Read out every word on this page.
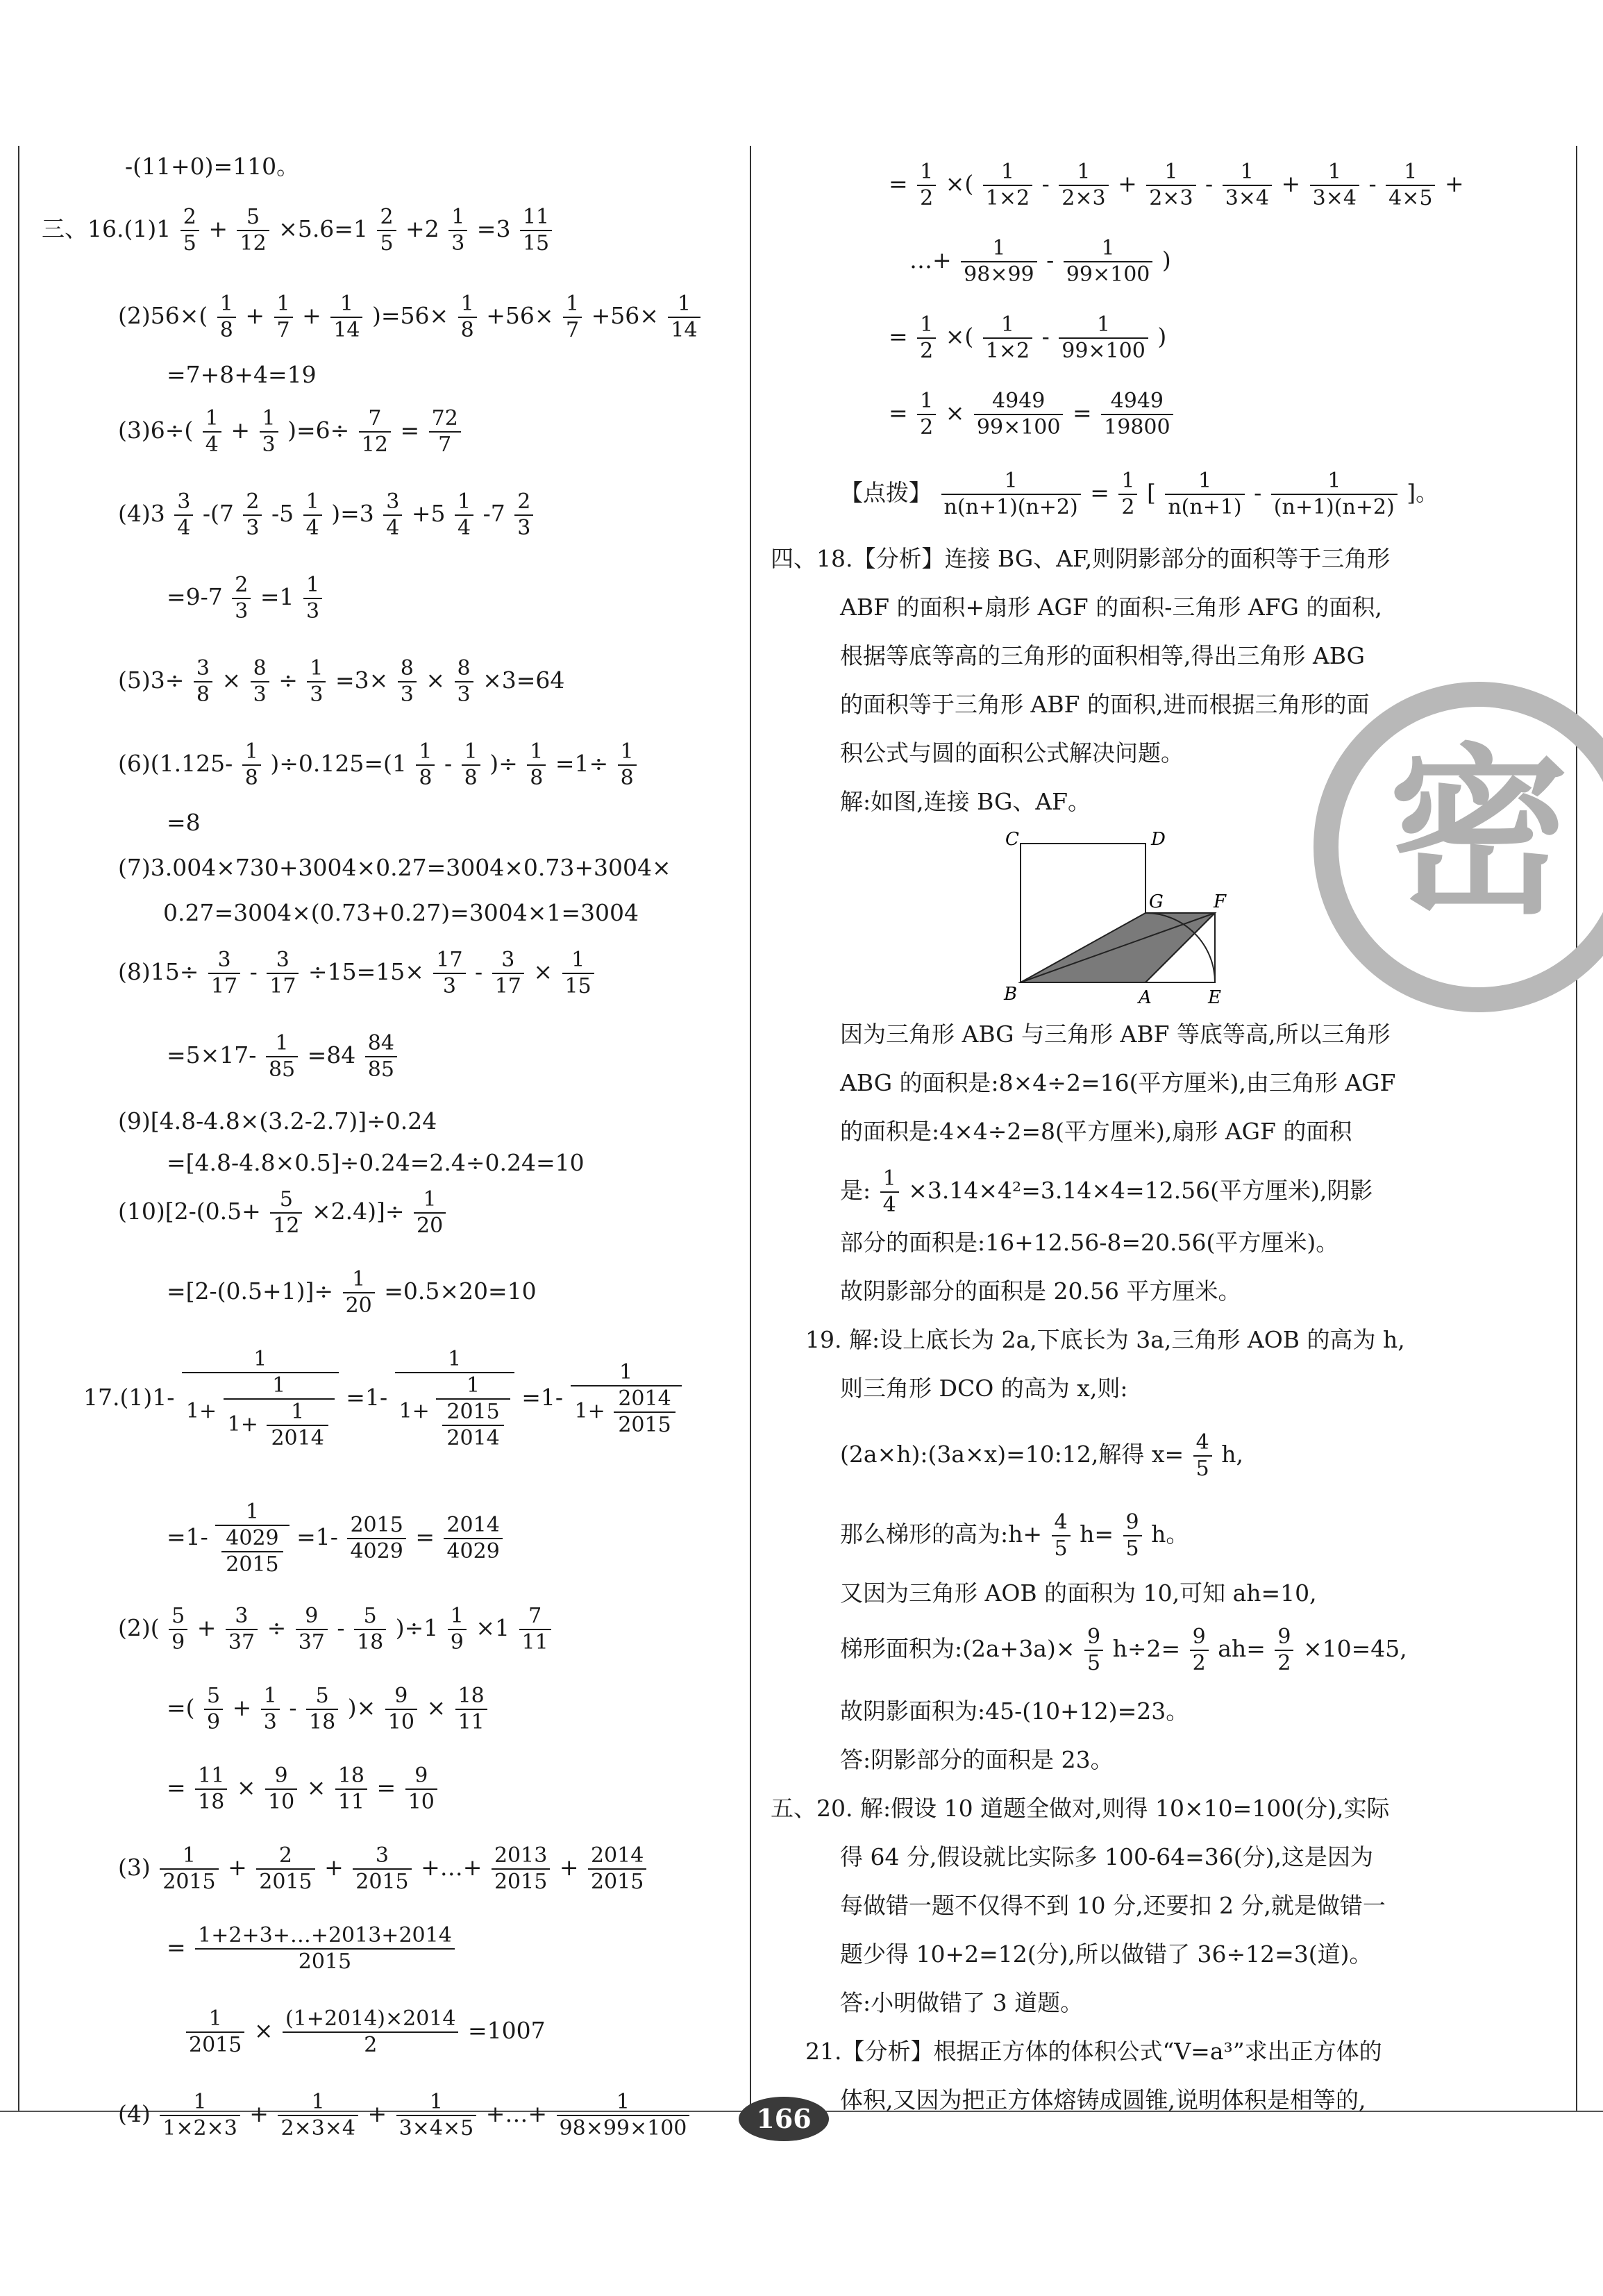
密
-(11+0)=110。
三、$16.(1)1 \frac{2}{5} + \frac{5}{12} \times 5.6=1 \frac{2}{5} +2 \frac{1}{3} =3 \frac{11}{15}$
$(2)56\times( \frac{1}{8} + \frac{1}{7} + \frac{1}{14} )=56\times \frac{1}{8} +56\times \frac{1}{7} +56\times \frac{1}{14}$
=7+8+4=19
$(3)6\div( \frac{1}{4} + \frac{1}{3} )=6\div \frac{7}{12} = \frac{72}{7}$
$(4)3 \frac{3}{4} -(7 \frac{2}{3} -5 \frac{1}{4} )=3 \frac{3}{4} +5 \frac{1}{4} -7 \frac{2}{3}$
$=9-7 \frac{2}{3} =1 \frac{1}{3}$
$(5)3\div \frac{3}{8} \times \frac{8}{3} \div \frac{1}{3} =3\times \frac{8}{3} \times \frac{8}{3} \times 3=64$
$(6)(1.125- \frac{1}{8} )\div 0.125=(1 \frac{1}{8} - \frac{1}{8}$ )÷ $\frac{1}{8} =1\div \frac{1}{8}$
=8
(7)3.004×730+3004×0.27=3004×0.73+3004×
0.27=3004×(0.73+0.27)=3004×1=3004
$(8)15\div \frac{3}{17} - \frac{3}{17} \div 15=15\times \frac{17}{3} - \frac{3}{17} \times \frac{1}{15}$
$=5\times 17- \frac{1}{85} =84 \frac{84}{85}$
(9)[4.8-4.8×(3.2-2.7)]÷0.24
=[4.8-4.8×0.5]÷0.24=2.4÷0.24=10
$(10)[2-(0.5+ \frac{5}{12} \times 2.4)]\div \frac{1}{20}$
$=[2-(0.5+1)]\div \frac{1}{20} =0.5\times 20=10$
17.(1)1-
1
$1+ \frac{1}{1+ \frac{1}{2014}} =1- \frac{1}{1+ \frac{1}{\frac{2015}{2014}}} =1- \frac{1}{1+ \frac{2014}{2015}}$
$=1- \frac{1}{\frac{4029}{2015}} =1- \frac{2015}{4029} = \frac{2014}{4029}$
$(2)( \frac{5}{9} + \frac{3}{37} \div \frac{9}{37} - \frac{5}{18} )\div 1 \frac{1}{9} \times 1 \frac{7}{11}$
=( $\frac{5}{9} + \frac{1}{3} - \frac{5}{18}$ )× $\frac{9}{10} \times \frac{18}{11}$
= $\frac{11}{18} \times \frac{9}{10} \times \frac{18}{11} = \frac{9}{10}$
$(3) \frac{1}{2015} + \frac{2}{2015} + \frac{3}{2015}$ +…+ $\frac{2013}{2015} + \frac{2014}{2015}$
= $\frac{1+2+3+\dots+2013+2014}{2015}$
$\frac{1}{2015} \times \frac{(1+2014)\times 2014}{2} =1007$
$(4) \frac{1}{1\times 2\times 3} + \frac{1}{2\times 3\times 4} + \frac{1}{3\times 4\times 5}$ +…+ $\frac{1}{98\times 99\times 100}$
= $\frac{1}{2}$ ×( $\frac{1}{1\times 2} - \frac{1}{2\times 3} + \frac{1}{2\times 3} - \frac{1}{3\times 4} + \frac{1}{3\times 4} - \frac{1}{4\times 5}$ +
…+ $\frac{1}{98\times 99} - \frac{1}{99\times 100}$ )
= $\frac{1}{2}$ ×( $\frac{1}{1\times 2} - \frac{1}{99\times 100}$ )
= $\frac{1}{2} \times \frac{4949}{99\times 100} = \frac{4949}{19800}$
【点拨】 $\frac{1}{n(n+1)(n+2)} = \frac{1}{2}$ [ $\frac{1}{n(n+1)} - \frac{1}{(n+1)(n+2)}$ ]。
四、18.【分析】连接 BG、AF,则阴影部分的面积等于三角形
ABF 的面积+扇形 AGF 的面积-三角形 AFG 的面积,
根据等底等高的三角形的面积相等,得出三角形 ABG
的面积等于三角形 ABF 的面积,进而根据三角形的面
积公式与圆的面积公式解决问题。
解:如图,连接 BG、AF。
C	D
G	F
B	A	E
因为三角形 ABG 与三角形 ABF 等底等高,所以三角形
ABG 的面积是:8×4÷2=16(平方厘米),由三角形 AGF
的面积是:4×4÷2=8(平方厘米),扇形 AGF 的面积
是: $\frac{1}{4} \times 3.14\times 4^2=3.14\times 4=12.56$(平方厘米),阴影
部分的面积是:16+12.56-8=20.56(平方厘米)。
故阴影部分的面积是 20.56 平方厘米。
19. 解:设上底长为 2a,下底长为 3a,三角形 AOB 的高为 h,
则三角形 DCO 的高为 x,则:
(2a×h):(3a×x)=10:12,解得 $x= \frac{4}{5} h$,
那么梯形的高为:h+ $\frac{4}{5} h= \frac{9}{5}$ h。
又因为三角形 AOB 的面积为 10,可知 ah=10,
梯形面积为:(2a+3a)× $\frac{9}{5} h\div 2= \frac{9}{2} ah= \frac{9}{2} \times 10=45$,
故阴影面积为:45-(10+12)=23。
答:阴影部分的面积是 23。
五、20. 解:假设 10 道题全做对,则得 10×10=100(分),实际
得 64 分,假设就比实际多 100-64=36(分),这是因为
每做错一题不仅得不到 10 分,还要扣 2 分,就是做错一
题少得 10+2=12(分),所以做错了 36÷12=3(道)。
答:小明做错了 3 道题。
21.【分析】根据正方体的体积公式“V=a³”求出正方体的
体积,又因为把正方体熔铸成圆锥,说明体积是相等的,
166
